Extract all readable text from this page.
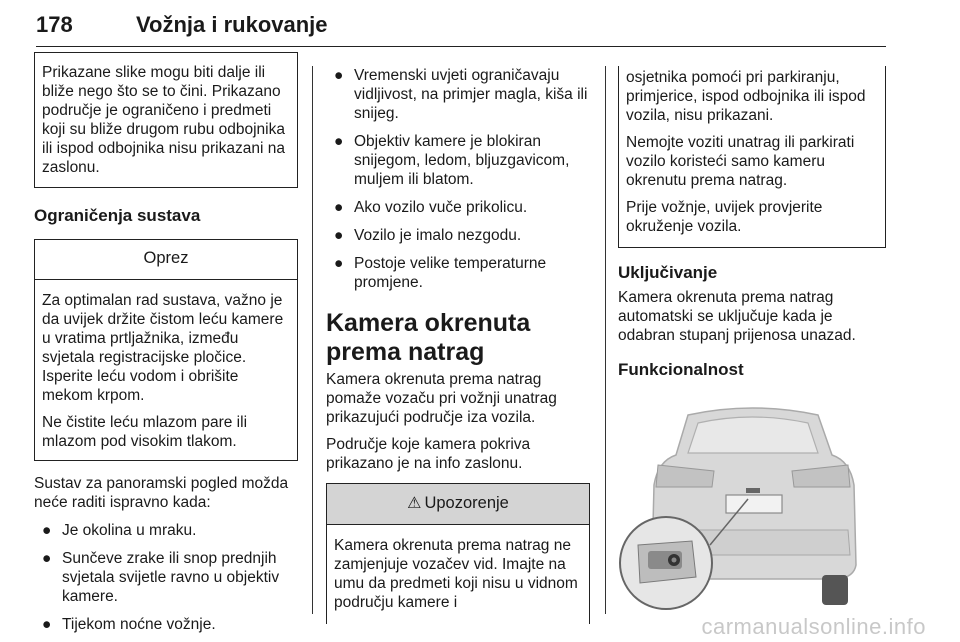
178	Vožnja i rukovanje

Prikazane slike mogu biti dalje ili bliže nego što se to čini. Prikazano područje je ograničeno i predmeti koji su bliže drugom rubu odbojnika ili ispod odbojnika nisu prikazani na zaslonu.

Ograničenja sustava
Oprez

Za optimalan rad sustava, važno je da uvijek držite čistom leću kamere u vratima prtljažnika, između svjetala registracijske pločice. Isperite leću vodom i obrišite mekom krpom.

Ne čistite leću mlazom pare ili mlazom pod visokim tlakom.

Sustav za panoramski pogled možda neće raditi ispravno kada:

● Je okolina u mraku.
● Sunčeve zrake ili snop prednjih svjetala svijetle ravno u objektiv kamere.
● Tijekom noćne vožnje.
● Vremenski uvjeti ograničavaju vidljivost, na primjer magla, kiša ili snijeg.
● Objektiv kamere je blokiran snijegom, ledom, bljuzgavicom, muljem ili blatom.
● Ako vozilo vuče prikolicu.
● Vozilo je imalo nezgodu.
● Postoje velike temperaturne promjene.
Kamera okrenuta prema natrag

Kamera okrenuta prema natrag pomaže vozaču pri vožnji unatrag prikazujući područje iza vozila.

Područje koje kamera pokriva prikazano je na info zaslonu.

⚠ Upozorenje

Kamera okrenuta prema natrag ne zamjenjuje vozačev vid. Imajte na umu da predmeti koji nisu u vidnom području kamere i

osjetnika pomoći pri parkiranju, primjerice, ispod odbojnika ili ispod vozila, nisu prikazani.

Nemojte voziti unatrag ili parkirati vozilo koristeći samo kameru okrenutu prema natrag.

Prije vožnje, uvijek provjerite okruženje vozila.

Uključivanje

Kamera okrenuta prema natrag automatski se uključuje kada je odabran stupanj prijenosa unazad.

Funkcionalnost
carmanualsonline.info
